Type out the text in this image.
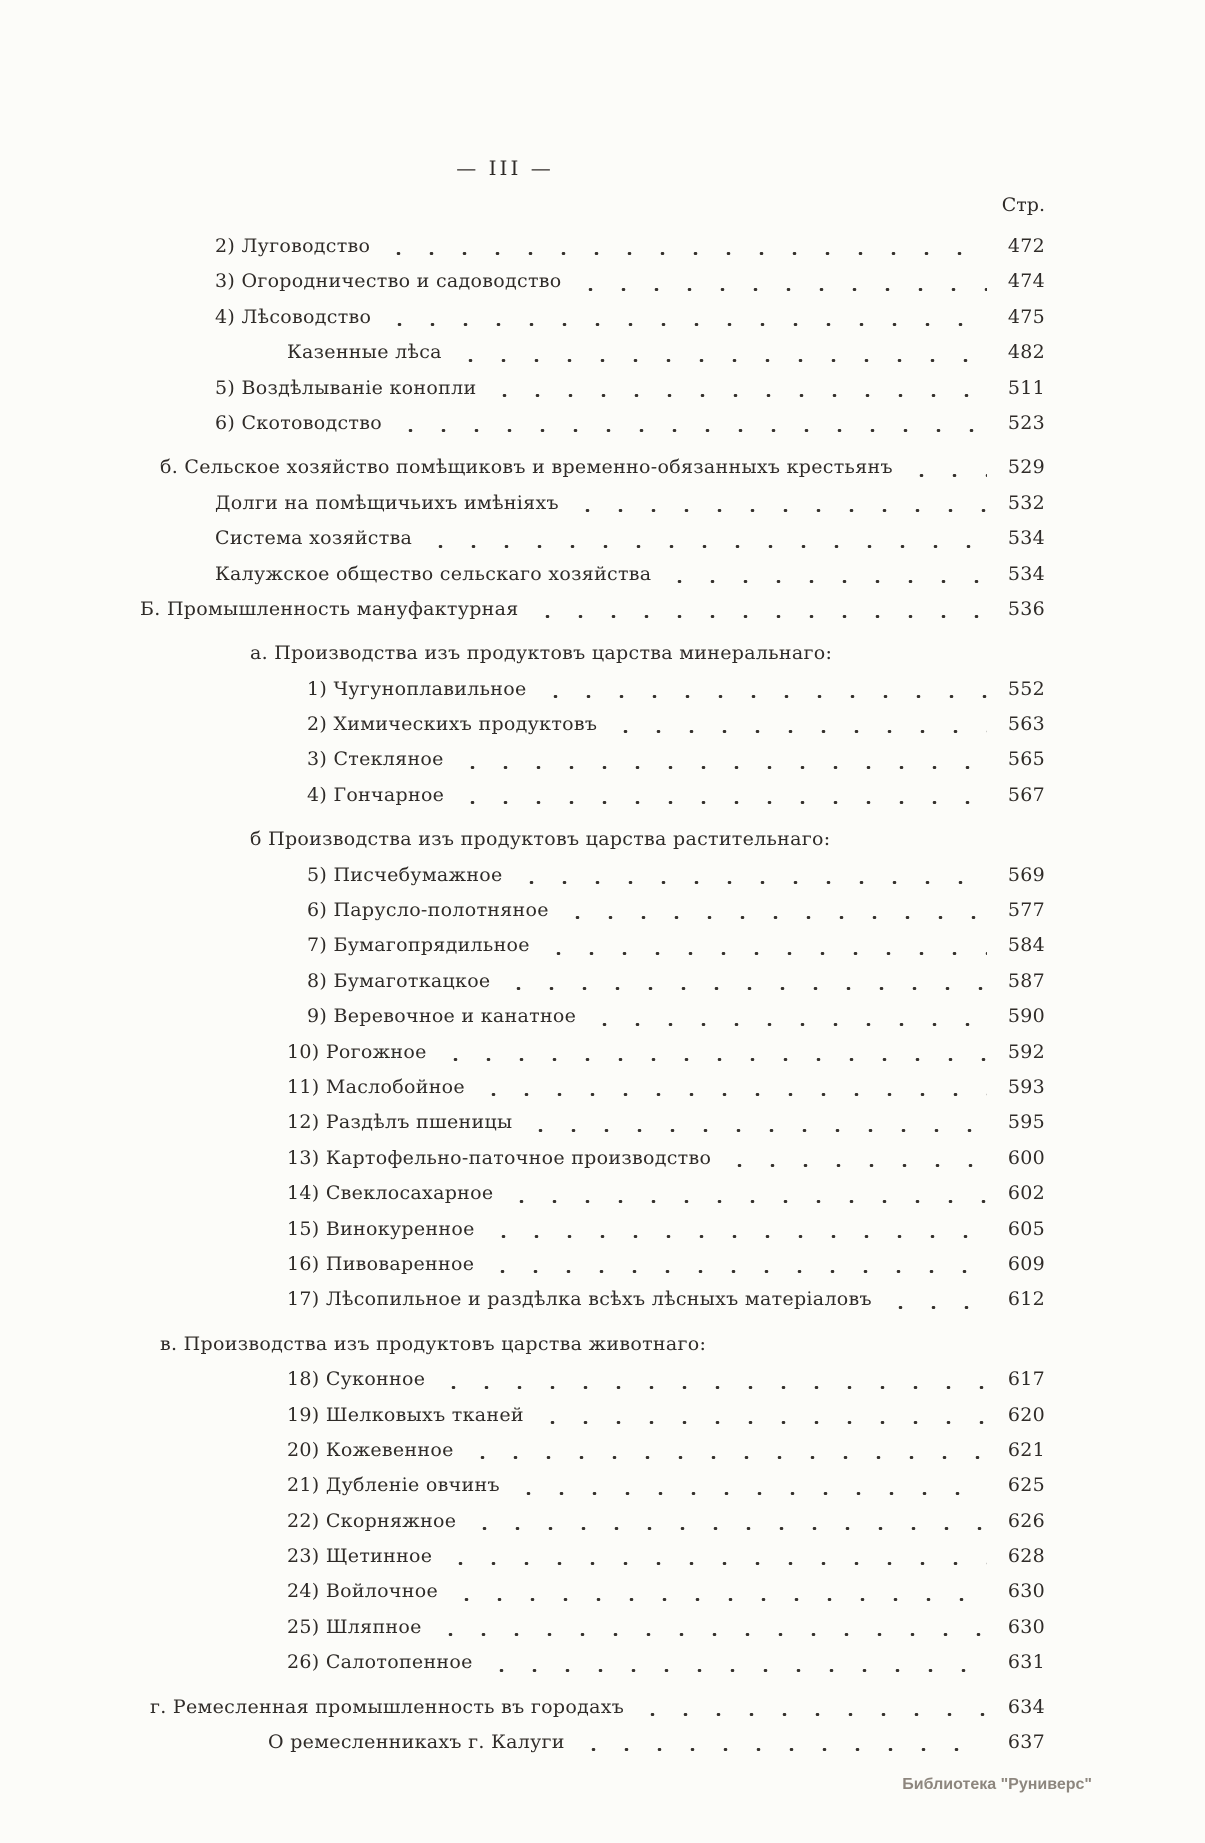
— III —
Стр.
2) Луговодство	472
3) Огородничество и садоводство	474
4) Лѣсоводство	475
Казенные лѣса	482
5) Воздѣлываніе конопли	511
6) Скотоводство	523
б. Сельское хозяйство помѣщиковъ и временно-обязанныхъ крестьянъ	529
Долги на помѣщичьихъ имѣніяхъ	532
Система хозяйства	534
Калужское общество сельскаго хозяйства	534
Б. Промышленность мануфактурная	536
а. Производства изъ продуктовъ царства минеральнаго:
1) Чугуноплавильное	552
2) Химическихъ продуктовъ	563
3) Стекляное	565
4) Гончарное	567
б Производства изъ продуктовъ царства растительнаго:
5) Писчебумажное	569
6) Парусло-полотняное	577
7) Бумагопрядильное	584
8) Бумаготкацкое	587
9) Веревочное и канатное	590
10) Рогожное	592
11) Маслобойное	593
12) Раздѣлъ пшеницы	595
13) Картофельно-паточное производство	600
14) Свеклосахарное	602
15) Винокуренное	605
16) Пивоваренное	609
17) Лѣсопильное и раздѣлка всѣхъ лѣсныхъ матеріаловъ	612
в. Производства изъ продуктовъ царства животнаго:
18) Суконное	617
19) Шелковыхъ тканей	620
20) Кожевенное	621
21) Дубленіе овчинъ	625
22) Скорняжное	626
23) Щетинное	628
24) Войлочное	630
25) Шляпное	630
26) Салотопенное	631
г. Ремесленная промышленность въ городахъ	634
О ремесленникахъ г. Калуги	637
Библиотека "Руниверс"
